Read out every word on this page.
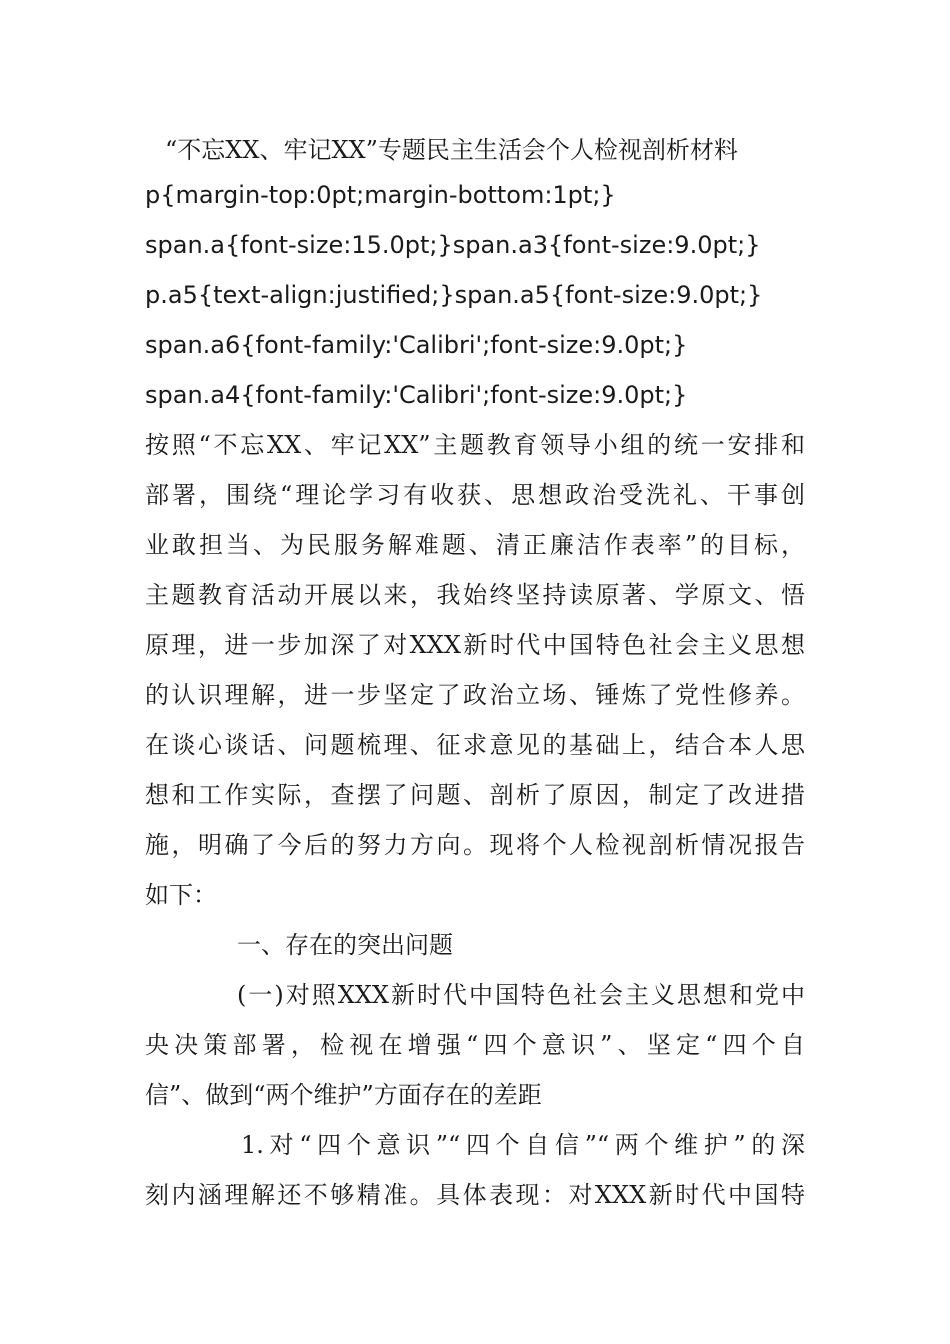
“不忘XX、牢记XX”专题民主生活会个人检视剖析材料

p{margin-top:0pt;margin-bottom:1pt;}

span.a{font-size:15.0pt;}span.a3{font-size:9.0pt;}

p.a5{text-align:justified;}span.a5{font-size:9.0pt;}

span.a6{font-family:'Calibri';font-size:9.0pt;}

span.a4{font-family:'Calibri';font-size:9.0pt;}

按照“不忘XX、牢记XX”主题教育领导小组的统一安排和
部署，围绕“理论学习有收获、思想政治受洗礼、干事创
业敢担当、为民服务解难题、清正廉洁作表率”的目标，
主题教育活动开展以来，我始终坚持读原著、学原文、悟
原理，进一步加深了对XXX新时代中国特色社会主义思想
的认识理解，进一步坚定了政治立场、锤炼了党性修养。
在谈心谈话、问题梳理、征求意见的基础上，结合本人思
想和工作实际，查摆了问题、剖析了原因，制定了改进措
施，明确了今后的努力方向。现将个人检视剖析情况报告
如下：
一、存在的突出问题
(一)对照XXX新时代中国特色社会主义思想和党中
央决策部署，检视在增强“四个意识”、坚定“四个自
信”、做到“两个维护”方面存在的差距
1.对“四个意识”“四个自信”“两个维护”的深
刻内涵理解还不够精准。具体表现：对XXX新时代中国特
